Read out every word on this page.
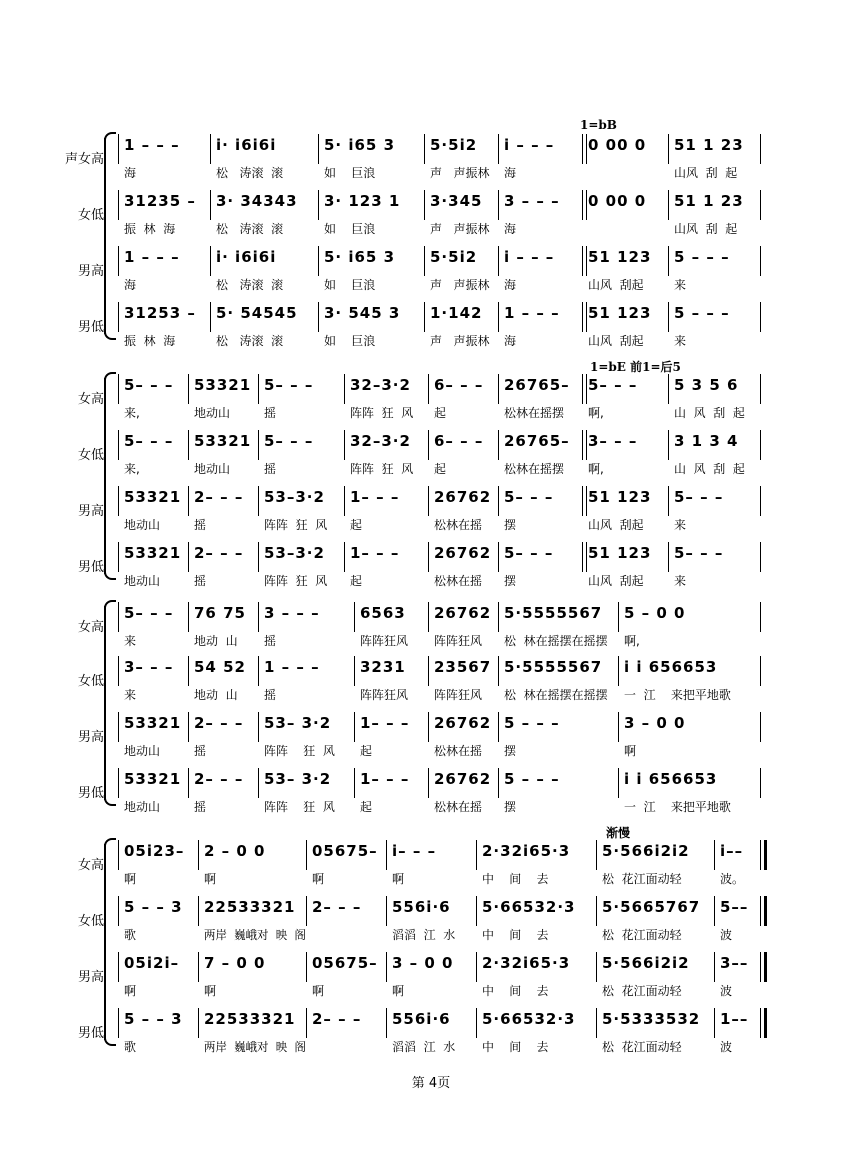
1=bB
声女高
1 – – –
海
i· i6i6i
松   涛滚  滚
5· i65 3
如    巨浪
5·5i2
声   声振林
i – – –
海
0 00 0 51 1 23
山风  刮  起
女低
31235 –
振  林  海
3· 34343
松   涛滚  滚
3· 123 1
如    巨浪
3·345
声   声振林
3 – – –
海
0 00 0 51 1 23
山风  刮  起
男高
1 – – –
海
i· i6i6i
松   涛滚  滚
5· i65 3
如    巨浪
5·5i2
声   声振林
i – – –
海
51 123
山风  刮起
5 – – –
来
男低
31253 –
振  林  海
5· 54545
松   涛滚  滚
3· 545 3
如    巨浪
1·142
声   声振林
1 – – –
海
51 123
山风  刮起
5 – – –
来
1=bE 前1=后5
女高
5– – –
来,
53321
地动山
5– – –
摇
32–3·2
阵阵  狂  风
6– – –
起
26765–
松林在摇摆
5– – –
啊,
5 3 5 6
山  风  刮  起
女低
5– – –
来,
53321
地动山
5– – –
摇
32–3·2
阵阵  狂  风
6– – –
起
26765–
松林在摇摆
3– – –
啊,
3 1 3 4
山  风  刮  起
男高
53321
地动山
2– – –
摇
53–3·2
阵阵  狂  风
1– – –
起
26762
松林在摇
5– – –
摆
51 123
山风  刮起
5– – –
来
男低
53321
地动山
2– – –
摇
53–3·2
阵阵  狂  风
1– – –
起
26762
松林在摇
5– – –
摆
51 123
山风  刮起
5– – –
来
女高
5– – –
来
76 75
地动  山
3 – – –
摇
6563
阵阵狂风
26762
阵阵狂风
5·5555567
松  林在摇摆在摇摆
5 – 0 0
啊,
女低
3– – –
来
54 52
地动  山
1 – – –
摇
3231
阵阵狂风
23567
阵阵狂风
5·5555567
松  林在摇摆在摇摆
i i 656653
一  江    来把平地歌
男高
53321
地动山
2– – –
摇
53– 3·2
阵阵    狂  风
1– – –
起
26762
松林在摇
5 – – –
摆
3 – 0 0
啊
男低
53321
地动山
2– – –
摇
53– 3·2
阵阵    狂  风
1– – –
起
26762
松林在摇
5 – – –
摆
i i 656653
一  江    来把平地歌
渐慢
女高
05i23–
啊
2 – 0 0
啊
05675–
啊
i– – –
啊
2·32i65·3
中    间    去
5·566i2i2
松  花江面动轻
i––
波。
女低
5 – – 3
歌
22533321
两岸  巍峨对  映  阁
2– – – 556i·6
滔滔  江  水
5·66532·3
中    间    去
5·5665767
松  花江面动轻
5––
波
男高
05i2i–
啊
7 – 0 0
啊
05675–
啊
3 – 0 0
啊
2·32i65·3
中    间    去
5·566i2i2
松  花江面动轻
3––
波
男低
5 – – 3
歌
22533321
两岸  巍峨对  映  阁
2– – – 556i·6
滔滔  江  水
5·66532·3
中    间    去
5·5333532
松  花江面动轻
1––
波
第 4页
